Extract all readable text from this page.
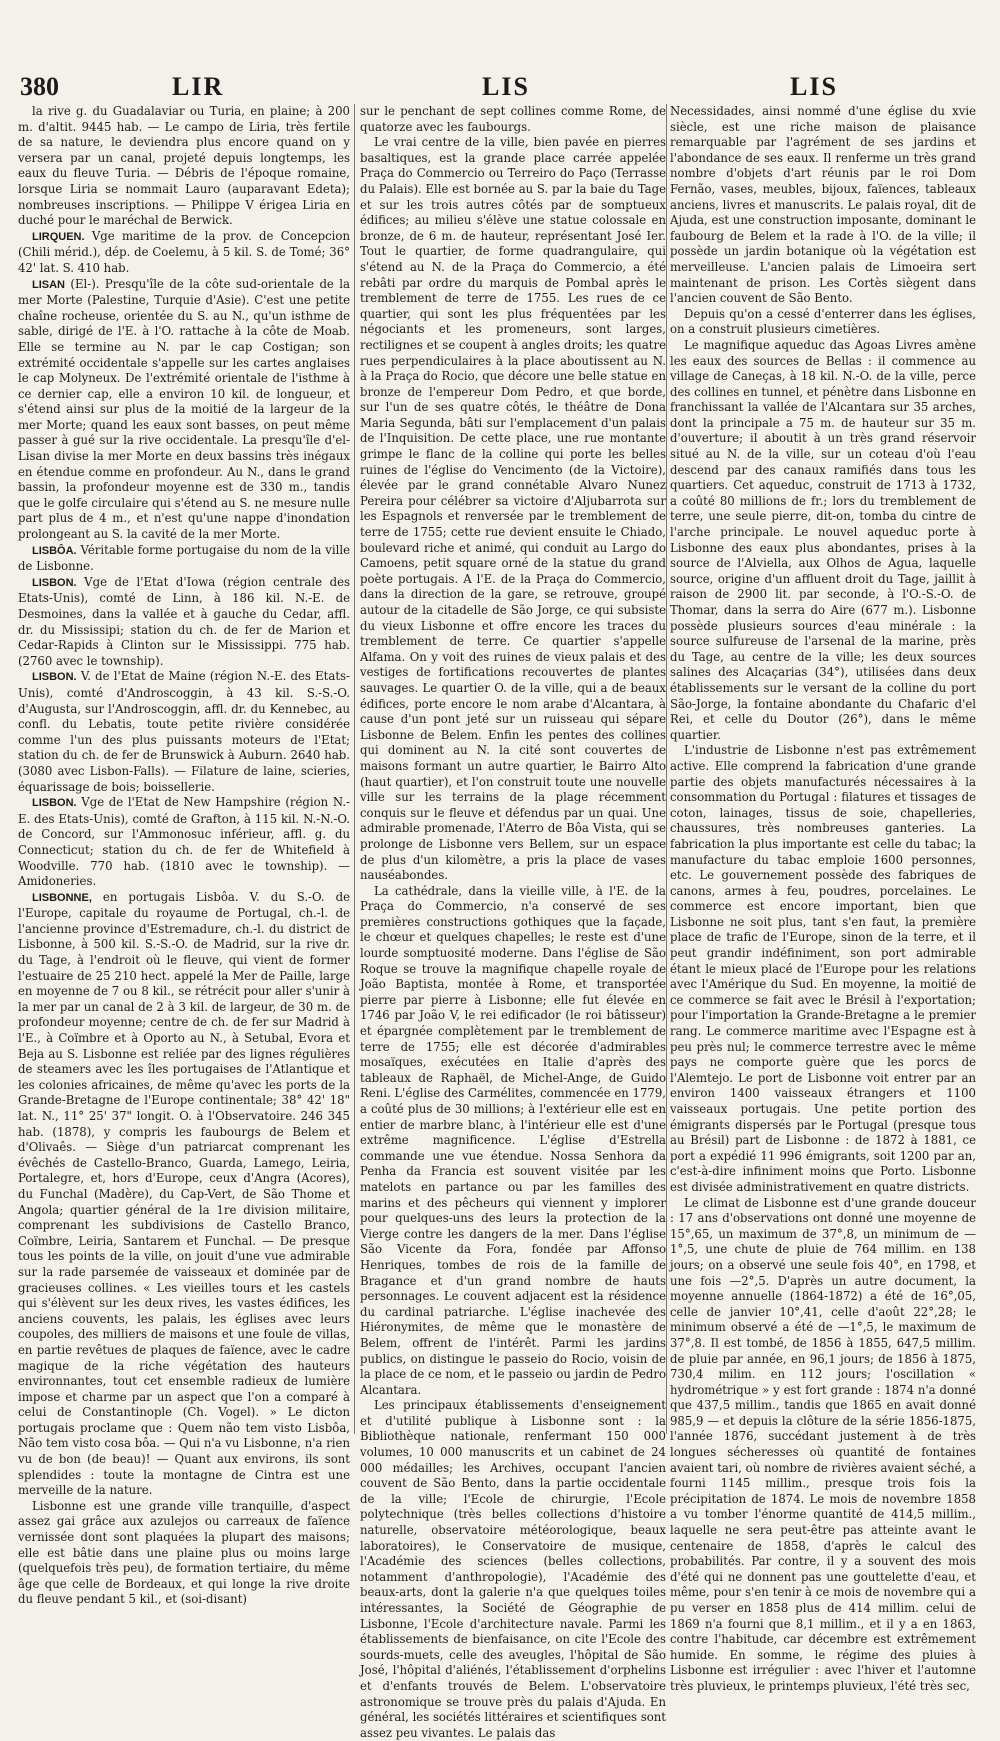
380	LIR	LIS	LIS

la rive g. du Guadalaviar ou Turia, en plaine; à 200 m. d'altit. 9445 hab. — Le campo de Liria, très fertile de sa nature, le deviendra plus encore quand on y versera par un canal, projeté depuis longtemps, les eaux du fleuve Turia. — Débris de l'époque romaine, lorsque Liria se nommait Lauro (auparavant Edeta); nombreuses inscriptions. — Philippe V érigea Liria en duché pour le maréchal de Berwick.

LIRQUEN. Vge maritime de la prov. de Concepcion (Chili mérid.), dép. de Coelemu, à 5 kil. S. de Tomé; 36° 42' lat. S. 410 hab.

LISAN (El-). Presqu'île de la côte sud-orientale de la mer Morte (Palestine, Turquie d'Asie). C'est une petite chaîne rocheuse, orientée du S. au N., qu'un isthme de sable, dirigé de l'E. à l'O. rattache à la côte de Moab. Elle se termine au N. par le cap Costigan; son extrémité occidentale s'appelle sur les cartes anglaises le cap Molyneux. De l'extrémité orientale de l'isthme à ce dernier cap, elle a environ 10 kil. de longueur, et s'étend ainsi sur plus de la moitié de la largeur de la mer Morte; quand les eaux sont basses, on peut même passer à gué sur la rive occidentale. La presqu'île d'el-Lisan divise la mer Morte en deux bassins très inégaux en étendue comme en profondeur. Au N., dans le grand bassin, la profondeur moyenne est de 330 m., tandis que le golfe circulaire qui s'étend au S. ne mesure nulle part plus de 4 m., et n'est qu'une nappe d'inondation prolongeant au S. la cavité de la mer Morte.

LISBÔA. Véritable forme portugaise du nom de la ville de Lisbonne.

LISBON. Vge de l'Etat d'Iowa (région centrale des Etats-Unis), comté de Linn, à 186 kil. N.-E. de Desmoines, dans la vallée et à gauche du Cedar, affl. dr. du Mississipi; station du ch. de fer de Marion et Cedar-Rapids à Clinton sur le Mississippi. 775 hab. (2760 avec le township).

LISBON. V. de l'Etat de Maine (région N.-E. des Etats-Unis), comté d'Androscoggin, à 43 kil. S.-S.-O. d'Augusta, sur l'Androscoggin, affl. dr. du Kennebec, au confl. du Lebatis, toute petite rivière considérée comme l'un des plus puissants moteurs de l'Etat; station du ch. de fer de Brunswick à Auburn. 2640 hab. (3080 avec Lisbon-Falls). — Filature de laine, scieries, équarissage de bois; boissellerie.

LISBON. Vge de l'Etat de New Hampshire (région N.-E. des Etats-Unis), comté de Grafton, à 115 kil. N.-N.-O. de Concord, sur l'Ammonosuc inférieur, affl. g. du Connecticut; station du ch. de fer de Whitefield à Woodville. 770 hab. (1810 avec le township). — Amidoneries.

LISBONNE, en portugais Lisbôa. V. du S.-O. de l'Europe, capitale du royaume de Portugal, ch.-l. de l'ancienne province d'Estremadure, ch.-l. du district de Lisbonne, à 500 kil. S.-S.-O. de Madrid, sur la rive dr. du Tage, à l'endroit où le fleuve, qui vient de former l'estuaire de 25 210 hect. appelé la Mer de Paille, large en moyenne de 7 ou 8 kil., se rétrécit pour aller s'unir à la mer par un canal de 2 à 3 kil. de largeur, de 30 m. de profondeur moyenne; centre de ch. de fer sur Madrid à l'E., à Coïmbre et à Oporto au N., à Setubal, Evora et Beja au S. Lisbonne est reliée par des lignes régulières de steamers avec les îles portugaises de l'Atlantique et les colonies africaines, de même qu'avec les ports de la Grande-Bretagne de l'Europe continentale; 38° 42' 18" lat. N., 11° 25' 37" longit. O. à l'Observatoire. 246 345 hab. (1878), y compris les faubourgs de Belem et d'Olivaês. — Siège d'un patriarcat comprenant les évêchés de Castello-Branco, Guarda, Lamego, Leiria, Portalegre, et, hors d'Europe, ceux d'Angra (Acores), du Funchal (Madère), du Cap-Vert, de São Thome et Angola; quartier général de la 1re division militaire, comprenant les subdivisions de Castello Branco, Coïmbre, Leiria, Santarem et Funchal. — De presque tous les points de la ville, on jouit d'une vue admirable sur la rade parsemée de vaisseaux et dominée par de gracieuses collines. « Les vieilles tours et les castels qui s'élèvent sur les deux rives, les vastes édifices, les anciens couvents, les palais, les églises avec leurs coupoles, des milliers de maisons et une foule de villas, en partie revêtues de plaques de faïence, avec le cadre magique de la riche végétation des hauteurs environnantes, tout cet ensemble radieux de lumière impose et charme par un aspect que l'on a comparé à celui de Constantinople (Ch. Vogel). » Le dicton portugais proclame que : Quem não tem visto Lisbôa, Não tem visto cosa bôa. — Qui n'a vu Lisbonne, n'a rien vu de bon (de beau)! — Quant aux environs, ils sont splendides : toute la montagne de Cintra est une merveille de la nature.

Lisbonne est une grande ville tranquille, d'aspect assez gai grâce aux azulejos ou carreaux de faïence vernissée dont sont plaquées la plupart des maisons; elle est bâtie dans une plaine plus ou moins large (quelquefois très peu), de formation tertiaire, du même âge que celle de Bordeaux, et qui longe la rive droite du fleuve pendant 5 kil., et (soi-disant)

sur le penchant de sept collines comme Rome, de quatorze avec les faubourgs.

Le vrai centre de la ville, bien pavée en pierres basaltiques, est la grande place carrée appelée Praça do Commercio ou Terreiro do Paço (Terrasse du Palais). Elle est bornée au S. par la baie du Tage et sur les trois autres côtés par de somptueux édifices; au milieu s'élève une statue colossale en bronze, de 6 m. de hauteur, représentant José Ier. Tout le quartier, de forme quadrangulaire, qui s'étend au N. de la Praça do Commercio, a été rebâti par ordre du marquis de Pombal après le tremblement de terre de 1755. Les rues de ce quartier, qui sont les plus fréquentées par les négociants et les promeneurs, sont larges, rectilignes et se coupent à angles droits; les quatre rues perpendiculaires à la place aboutissent au N. à la Praça do Rocio, que décore une belle statue en bronze de l'empereur Dom Pedro, et que borde, sur l'un de ses quatre côtés, le théâtre de Dona Maria Segunda, bâti sur l'emplacement d'un palais de l'Inquisition. De cette place, une rue montante grimpe le flanc de la colline qui porte les belles ruines de l'église do Vencimento (de la Victoire), élevée par le grand connétable Alvaro Nunez Pereira pour célébrer sa victoire d'Aljubarrota sur les Espagnols et renversée par le tremblement de terre de 1755; cette rue devient ensuite le Chiado, boulevard riche et animé, qui conduit au Largo do Camoens, petit square orné de la statue du grand poète portugais. A l'E. de la Praça do Commercio, dans la direction de la gare, se retrouve, groupé autour de la citadelle de São Jorge, ce qui subsiste du vieux Lisbonne et offre encore les traces du tremblement de terre. Ce quartier s'appelle Alfama. On y voit des ruines de vieux palais et des vestiges de fortifications recouvertes de plantes sauvages. Le quartier O. de la ville, qui a de beaux édifices, porte encore le nom arabe d'Alcantara, à cause d'un pont jeté sur un ruisseau qui sépare Lisbonne de Belem. Enfin les pentes des collines qui dominent au N. la cité sont couvertes de maisons formant un autre quartier, le Bairro Alto (haut quartier), et l'on construit toute une nouvelle ville sur les terrains de la plage récemment conquis sur le fleuve et défendus par un quai. Une admirable promenade, l'Aterro de Bôa Vista, qui se prolonge de Lisbonne vers Bellem, sur un espace de plus d'un kilomètre, a pris la place de vases nauséabondes.

La cathédrale, dans la vieille ville, à l'E. de la Praça do Commercio, n'a conservé de ses premières constructions gothiques que la façade, le chœur et quelques chapelles; le reste est d'une lourde somptuosité moderne. Dans l'église de São Roque se trouve la magnifique chapelle royale de João Baptista, montée à Rome, et transportée pierre par pierre à Lisbonne; elle fut élevée en 1746 par João V, le rei edificador (le roi bâtisseur) et épargnée complètement par le tremblement de terre de 1755; elle est décorée d'admirables mosaïques, exécutées en Italie d'après des tableaux de Raphaël, de Michel-Ange, de Guido Reni. L'église des Carmélites, commencée en 1779, a coûté plus de 30 millions; à l'extérieur elle est en entier de marbre blanc, à l'intérieur elle est d'une extrême magnificence. L'église d'Estrella commande une vue étendue. Nossa Senhora da Penha da Francia est souvent visitée par les matelots en partance ou par les familles des marins et des pêcheurs qui viennent y implorer pour quelques-uns des leurs la protection de la Vierge contre les dangers de la mer. Dans l'église São Vicente da Fora, fondée par Affonso Henriques, tombes de rois de la famille de Bragance et d'un grand nombre de hauts personnages. Le couvent adjacent est la résidence du cardinal patriarche. L'église inachevée des Hiéronymites, de même que le monastère de Belem, offrent de l'intérêt. Parmi les jardins publics, on distingue le passeio do Rocio, voisin de la place de ce nom, et le passeio ou jardin de Pedro Alcantara.

Les principaux établissements d'enseignement et d'utilité publique à Lisbonne sont : la Bibliothèque nationale, renfermant 150 000 volumes, 10 000 manuscrits et un cabinet de 24 000 médailles; les Archives, occupant l'ancien couvent de São Bento, dans la partie occidentale de la ville; l'Ecole de chirurgie, l'Ecole polytechnique (très belles collections d'histoire naturelle, observatoire météorologique, beaux laboratoires), le Conservatoire de musique, l'Académie des sciences (belles collections, notamment d'anthropologie), l'Académie des beaux-arts, dont la galerie n'a que quelques toiles intéressantes, la Société de Géographie de Lisbonne, l'Ecole d'architecture navale. Parmi les établissements de bienfaisance, on cite l'Ecole des sourds-muets, celle des aveugles, l'hôpital de São José, l'hôpital d'aliénés, l'établissement d'orphelins et d'enfants trouvés de Belem. L'observatoire astronomique se trouve près du palais d'Ajuda. En général, les sociétés littéraires et scientifiques sont assez peu vivantes. Le palais das

Necessidades, ainsi nommé d'une église du xvie siècle, est une riche maison de plaisance remarquable par l'agrément de ses jardins et l'abondance de ses eaux. Il renferme un très grand nombre d'objets d'art réunis par le roi Dom Fernão, vases, meubles, bijoux, faïences, tableaux anciens, livres et manuscrits. Le palais royal, dit de Ajuda, est une construction imposante, dominant le faubourg de Belem et la rade à l'O. de la ville; il possède un jardin botanique où la végétation est merveilleuse. L'ancien palais de Limoeira sert maintenant de prison. Les Cortès siègent dans l'ancien couvent de São Bento.

Depuis qu'on a cessé d'enterrer dans les églises, on a construit plusieurs cimetières.

Le magnifique aqueduc das Agoas Livres amène les eaux des sources de Bellas : il commence au village de Caneças, à 18 kil. N.-O. de la ville, perce des collines en tunnel, et pénètre dans Lisbonne en franchissant la vallée de l'Alcantara sur 35 arches, dont la principale a 75 m. de hauteur sur 35 m. d'ouverture; il aboutit à un très grand réservoir situé au N. de la ville, sur un coteau d'où l'eau descend par des canaux ramifiés dans tous les quartiers. Cet aqueduc, construit de 1713 à 1732, a coûté 80 millions de fr.; lors du tremblement de terre, une seule pierre, dit-on, tomba du cintre de l'arche principale. Le nouvel aqueduc porte à Lisbonne des eaux plus abondantes, prises à la source de l'Alviella, aux Olhos de Agua, laquelle source, origine d'un affluent droit du Tage, jaillit à raison de 2900 lit. par seconde, à l'O.-S.-O. de Thomar, dans la serra do Aire (677 m.). Lisbonne possède plusieurs sources d'eau minérale : la source sulfureuse de l'arsenal de la marine, près du Tage, au centre de la ville; les deux sources salines des Alcaçarias (34°), utilisées dans deux établissements sur le versant de la colline du port São-Jorge, la fontaine abondante du Chafaric d'el Rei, et celle du Doutor (26°), dans le même quartier.

L'industrie de Lisbonne n'est pas extrêmement active. Elle comprend la fabrication d'une grande partie des objets manufacturés nécessaires à la consommation du Portugal : filatures et tissages de coton, lainages, tissus de soie, chapelleries, chaussures, très nombreuses ganteries. La fabrication la plus importante est celle du tabac; la manufacture du tabac emploie 1600 personnes, etc. Le gouvernement possède des fabriques de canons, armes à feu, poudres, porcelaines. Le commerce est encore important, bien que Lisbonne ne soit plus, tant s'en faut, la première place de trafic de l'Europe, sinon de la terre, et il peut grandir indéfiniment, son port admirable étant le mieux placé de l'Europe pour les relations avec l'Amérique du Sud. En moyenne, la moitié de ce commerce se fait avec le Brésil à l'exportation; pour l'importation la Grande-Bretagne a le premier rang. Le commerce maritime avec l'Espagne est à peu près nul; le commerce terrestre avec le même pays ne comporte guère que les porcs de l'Alemtejo. Le port de Lisbonne voit entrer par an environ 1400 vaisseaux étrangers et 1100 vaisseaux portugais. Une petite portion des émigrants dispersés par le Portugal (presque tous au Brésil) part de Lisbonne : de 1872 à 1881, ce port a expédié 11 996 émigrants, soit 1200 par an, c'est-à-dire infiniment moins que Porto. Lisbonne est divisée administrativement en quatre districts.

Le climat de Lisbonne est d'une grande douceur : 17 ans d'observations ont donné une moyenne de 15°,65, un maximum de 37°,8, un minimum de —1°,5, une chute de pluie de 764 millim. en 138 jours; on a observé une seule fois 40°, en 1798, et une fois —2°,5. D'après un autre document, la moyenne annuelle (1864-1872) a été de 16°,05, celle de janvier 10°,41, celle d'août 22°,28; le minimum observé a été de —1°,5, le maximum de 37°,8. Il est tombé, de 1856 à 1855, 647,5 millim. de pluie par année, en 96,1 jours; de 1856 à 1875, 730,4 milim. en 112 jours; l'oscillation « hydrométrique » y est fort grande : 1874 n'a donné que 437,5 millim., tandis que 1865 en avait donné 985,9 — et depuis la clôture de la série 1856-1875, l'année 1876, succédant justement à de très longues sécheresses où quantité de fontaines avaient tari, où nombre de rivières avaient séché, a fourni 1145 millim., presque trois fois la précipitation de 1874. Le mois de novembre 1858 a vu tomber l'énorme quantité de 414,5 millim., laquelle ne sera peut-être pas atteinte avant le centenaire de 1858, d'après le calcul des probabilités. Par contre, il y a souvent des mois d'été qui ne donnent pas une gouttelette d'eau, et même, pour s'en tenir à ce mois de novembre qui a pu verser en 1858 plus de 414 millim. celui de 1869 n'a fourni que 8,1 millim., et il y a en 1863, contre l'habitude, car décembre est extrêmement humide. En somme, le régime des pluies à Lisbonne est irrégulier : avec l'hiver et l'automne très pluvieux, le printemps pluvieux, l'été très sec,
